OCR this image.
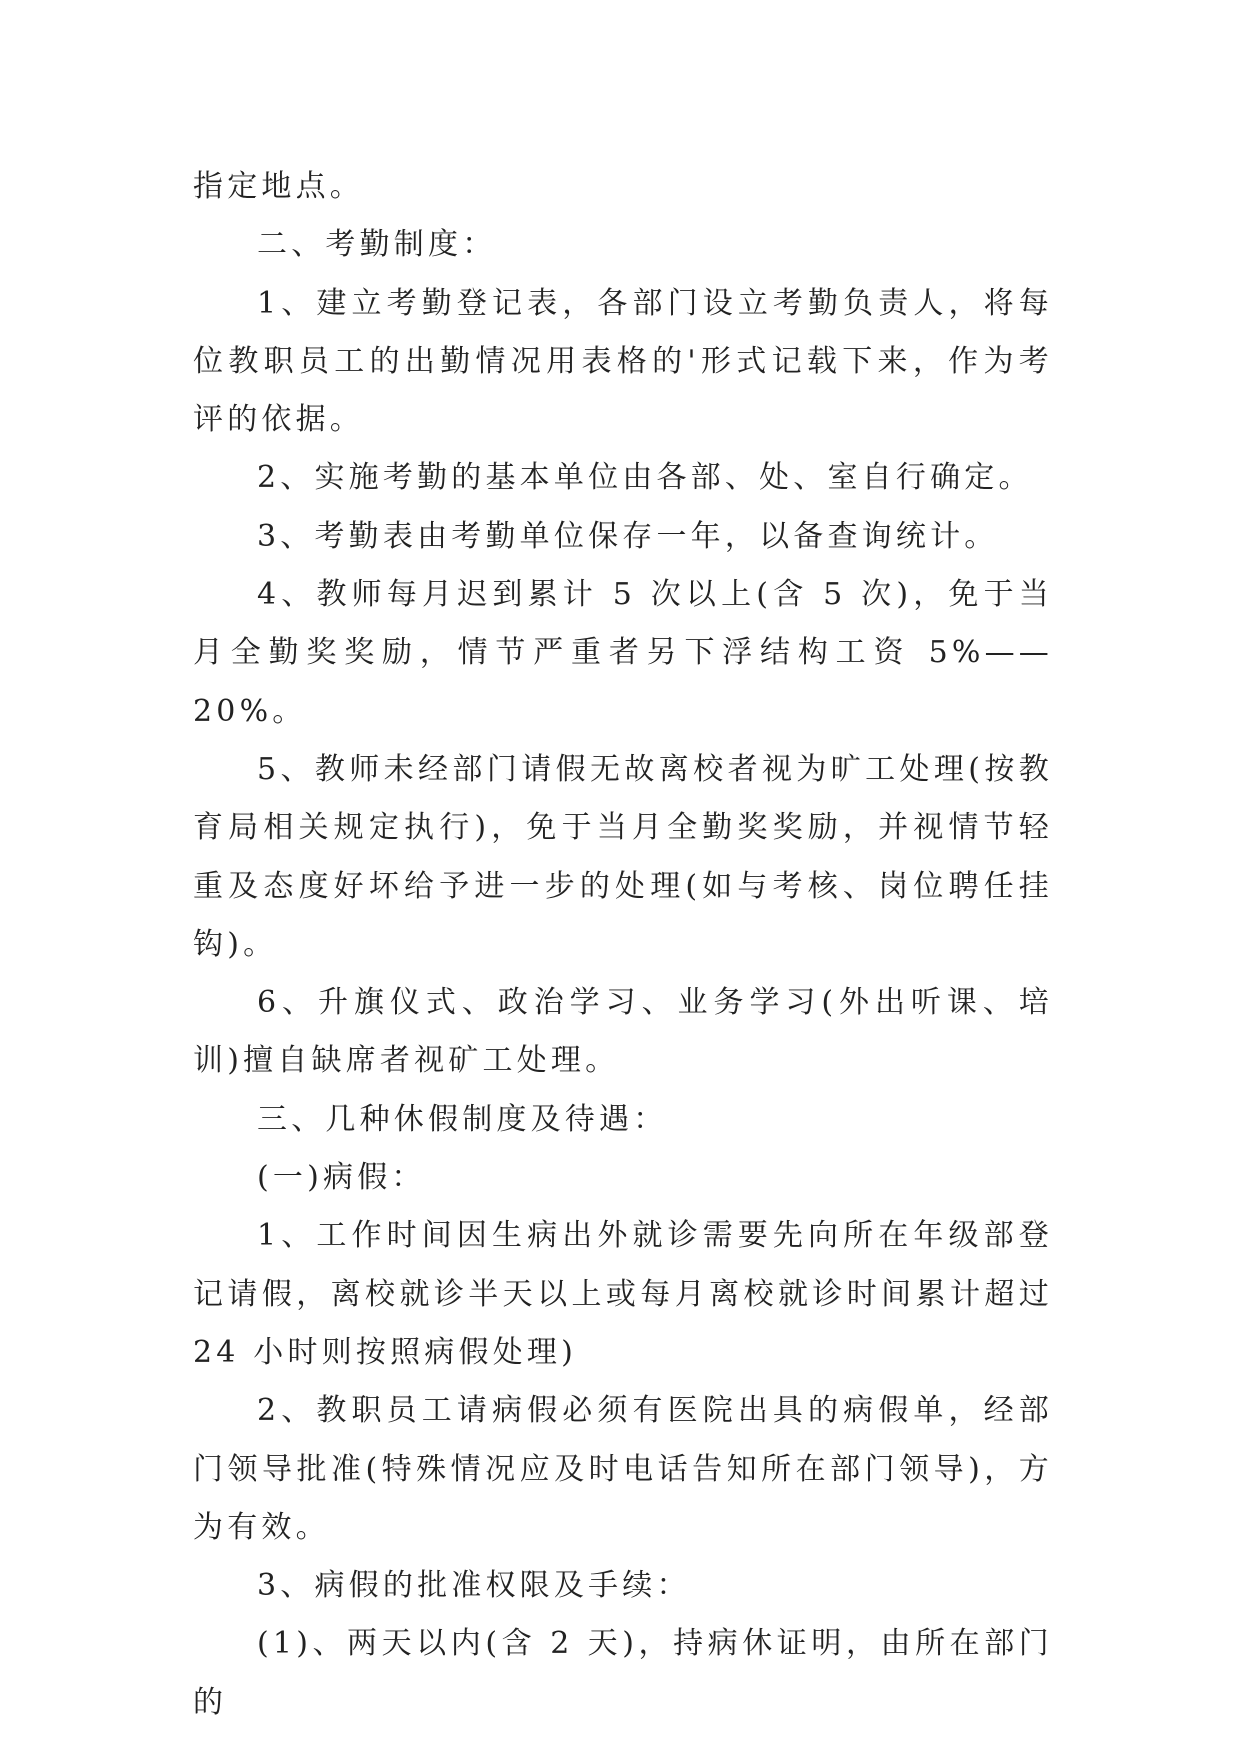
指定地点。

二、考勤制度：

1、建立考勤登记表，各部门设立考勤负责人，将每位教职员工的出勤情况用表格的'形式记载下来，作为考评的依据。

2、实施考勤的基本单位由各部、处、室自行确定。

3、考勤表由考勤单位保存一年，以备查询统计。

4、教师每月迟到累计 5 次以上(含 5 次)，免于当月全勤奖奖励，情节严重者另下浮结构工资 5%——20%。

5、教师未经部门请假无故离校者视为旷工处理(按教育局相关规定执行)，免于当月全勤奖奖励，并视情节轻重及态度好坏给予进一步的处理(如与考核、岗位聘任挂钩)。

6、升旗仪式、政治学习、业务学习(外出听课、培训)擅自缺席者视矿工处理。

三、几种休假制度及待遇：

(一)病假：

1、工作时间因生病出外就诊需要先向所在年级部登记请假，离校就诊半天以上或每月离校就诊时间累计超过 24 小时则按照病假处理)

2、教职员工请病假必须有医院出具的病假单，经部门领导批准(特殊情况应及时电话告知所在部门领导)，方为有效。

3、病假的批准权限及手续：

(1)、两天以内(含 2 天)，持病休证明，由所在部门的
